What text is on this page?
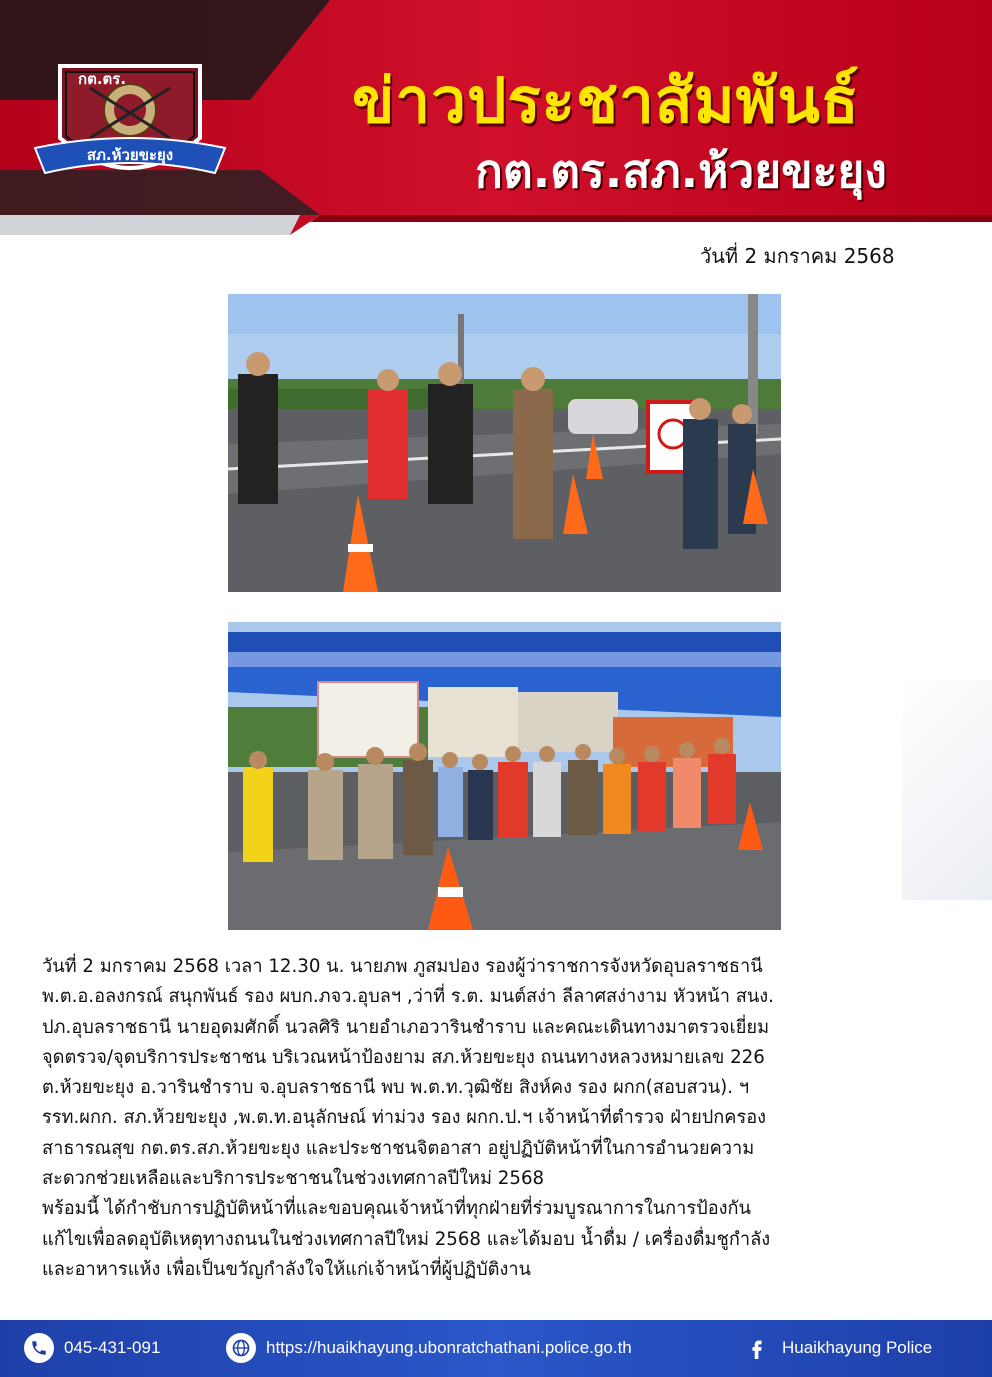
กต.ตร.
สภ.ห้วยขะยุง
ข่าวประชาสัมพันธ์
กต.ตร.สภ.ห้วยขะยุง
วันที่ 2 มกราคม 2568

วันที่ 2 มกราคม 2568 เวลา 12.30 น. นายภพ ภูสมปอง รองผู้ว่าราชการจังหวัดอุบลราชธานี

พ.ต.อ.อลงกรณ์ สนุกพันธ์ รอง ผบก.ภจว.อุบลฯ ,ว่าที่ ร.ต. มนต์สง่า ลีลาศสง่างาม หัวหน้า สนง.

ปภ.อุบลราชธานี นายอุดมศักดิ์ นวลศิริ นายอำเภอวารินชำราบ และคณะเดินทางมาตรวจเยี่ยม

จุดตรวจ/จุดบริการประชาชน บริเวณหน้าป้องยาม สภ.ห้วยขะยุง ถนนทางหลวงหมายเลข 226

ต.ห้วยขะยุง อ.วารินชำราบ จ.อุบลราชธานี พบ พ.ต.ท.วุฒิชัย สิงห์คง รอง ผกก(สอบสวน). ฯ

รรท.ผกก. สภ.ห้วยขะยุง ,พ.ต.ท.อนุลักษณ์ ท่าม่วง รอง ผกก.ป.ฯ เจ้าหน้าที่ตำรวจ ฝ่ายปกครอง

สาธารณสุข กต.ตร.สภ.ห้วยขะยุง และประชาชนจิตอาสา อยู่ปฏิบัติหน้าที่ในการอำนวยความ

สะดวกช่วยเหลือและบริการประชาชนในช่วงเทศกาลปีใหม่ 2568

พร้อมนี้ ได้กำชับการปฏิบัติหน้าที่และขอบคุณเจ้าหน้าที่ทุกฝ่ายที่ร่วมบูรณาการในการป้องกัน

แก้ไขเพื่อลดอุบัติเหตุทางถนนในช่วงเทศกาลปีใหม่ 2568 และได้มอบ น้ำดื่ม / เครื่องดื่มชูกำลัง

และอาหารแห้ง เพื่อเป็นขวัญกำลังใจให้แก่เจ้าหน้าที่ผู้ปฏิบัติงาน

045-431-091	https://huaikhayung.ubonratchathani.police.go.th	Huaikhayung Police
